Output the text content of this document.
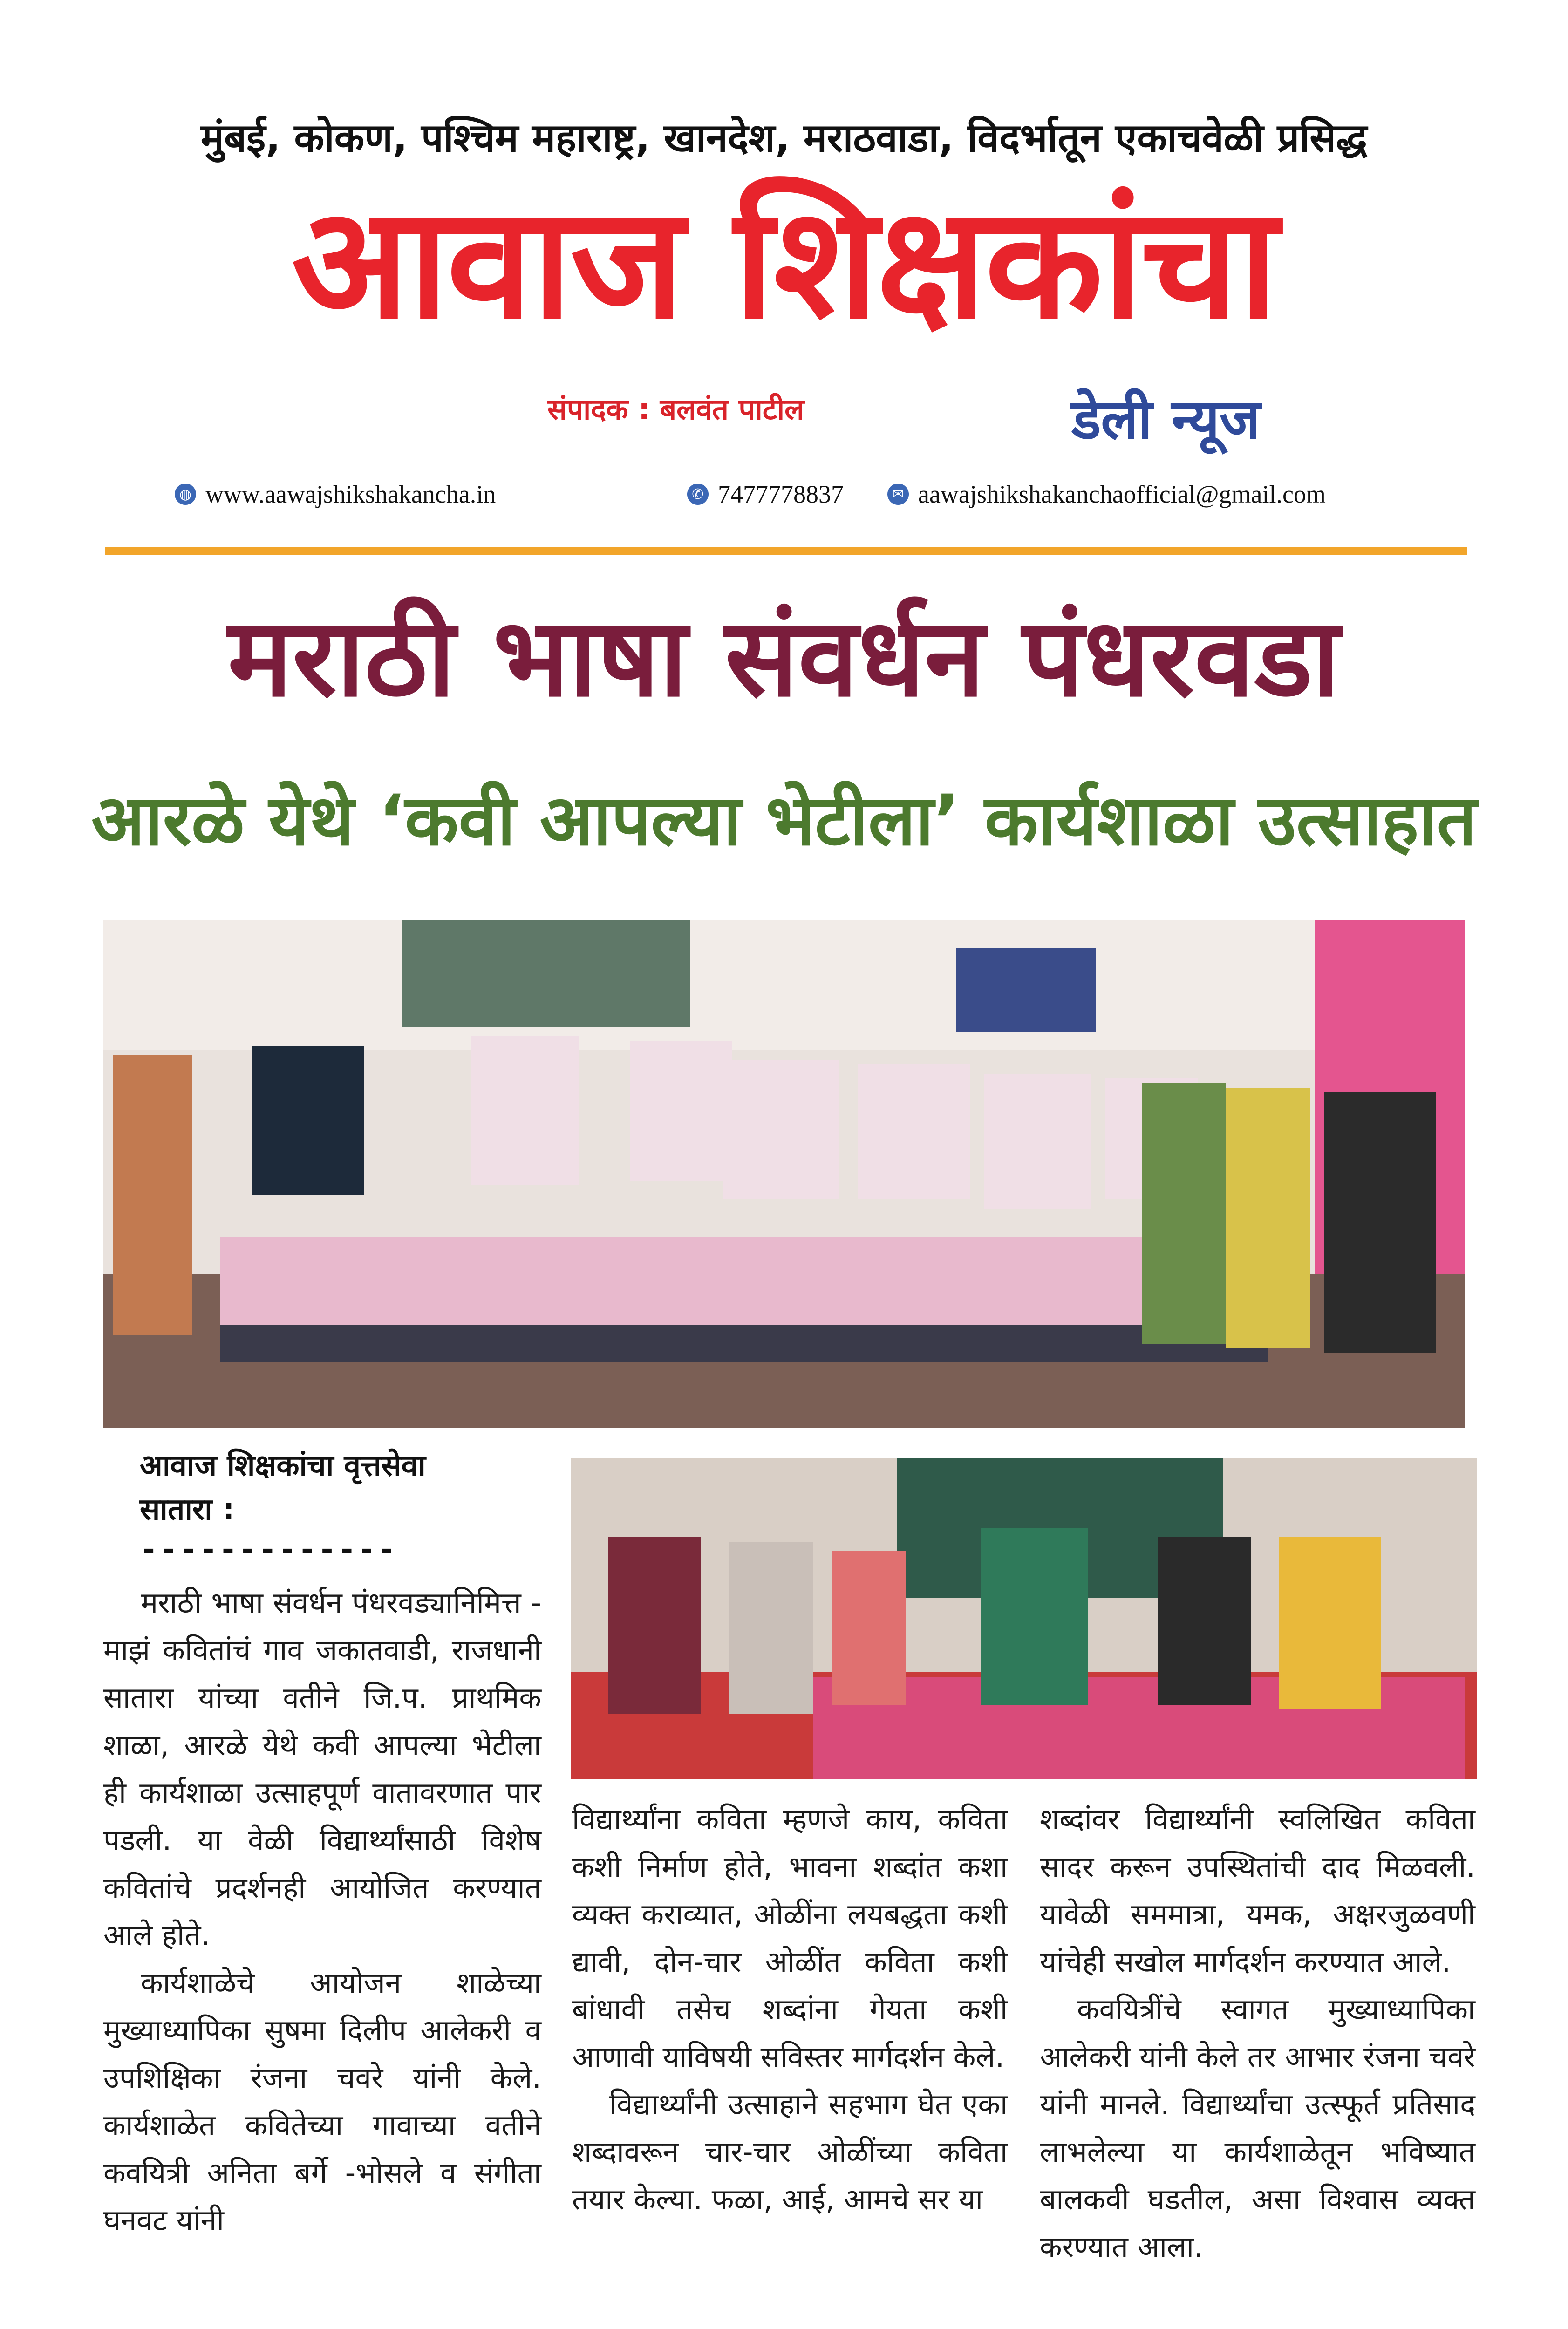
मुंबई, कोकण, पश्चिम महाराष्ट्र, खानदेश, मराठवाडा, विदर्भातून एकाचवेळी प्रसिद्ध
आवाज शिक्षकांचा
संपादक : बलवंत पाटील	डेली न्यूज
◍ www.aawajshikshakancha.in	✆ 7477778837	✉ aawajshikshakanchaofficial@gmail.com
मराठी भाषा संवर्धन पंधरवडा
आरळे येथे ‘कवी आपल्या भेटीला’ कार्यशाळा उत्साहात
आवाज शिक्षकांचा वृत्तसेवा
सातारा :
-------------

मराठी भाषा संवर्धन पंधरवड्यानिमित्त - माझं कवितांचं गाव जकातवाडी, राजधानी सातारा यांच्या वतीने जि.प. प्राथमिक शाळा, आरळे येथे कवी आपल्या भेटीला ही कार्यशाळा उत्साहपूर्ण वातावरणात पार पडली. या वेळी विद्यार्थ्यांसाठी विशेष कवितांचे प्रदर्शनही आयोजित करण्यात आले होते.

कार्यशाळेचे आयोजन शाळेच्या मुख्याध्यापिका सुषमा दिलीप आलेकरी व उपशिक्षिका रंजना चवरे यांनी केले. कार्यशाळेत कवितेच्या गावाच्या वतीने कवयित्री अनिता बर्गे -भोसले व संगीता घनवट यांनी

विद्यार्थ्यांना कविता म्हणजे काय, कविता कशी निर्माण होते, भावना शब्दांत कशा व्यक्त कराव्यात, ओळींना लयबद्धता कशी द्यावी, दोन-चार ओळींत कविता कशी बांधावी तसेच शब्दांना गेयता कशी आणावी याविषयी सविस्तर मार्गदर्शन केले.

विद्यार्थ्यांनी उत्साहाने सहभाग घेत एका शब्दावरून चार-चार ओळींच्या कविता तयार केल्या. फळा, आई, आमचे सर या

शब्दांवर विद्यार्थ्यांनी स्वलिखित कविता सादर करून उपस्थितांची दाद मिळवली. यावेळी सममात्रा, यमक, अक्षरजुळवणी यांचेही सखोल मार्गदर्शन करण्यात आले.

कवयित्रींचे स्वागत मुख्याध्यापिका आलेकरी यांनी केले तर आभार रंजना चवरे यांनी मानले. विद्यार्थ्यांचा उत्स्फूर्त प्रतिसाद लाभलेल्या या कार्यशाळेतून भविष्यात बालकवी घडतील, असा विश्वास व्यक्त करण्यात आला.
